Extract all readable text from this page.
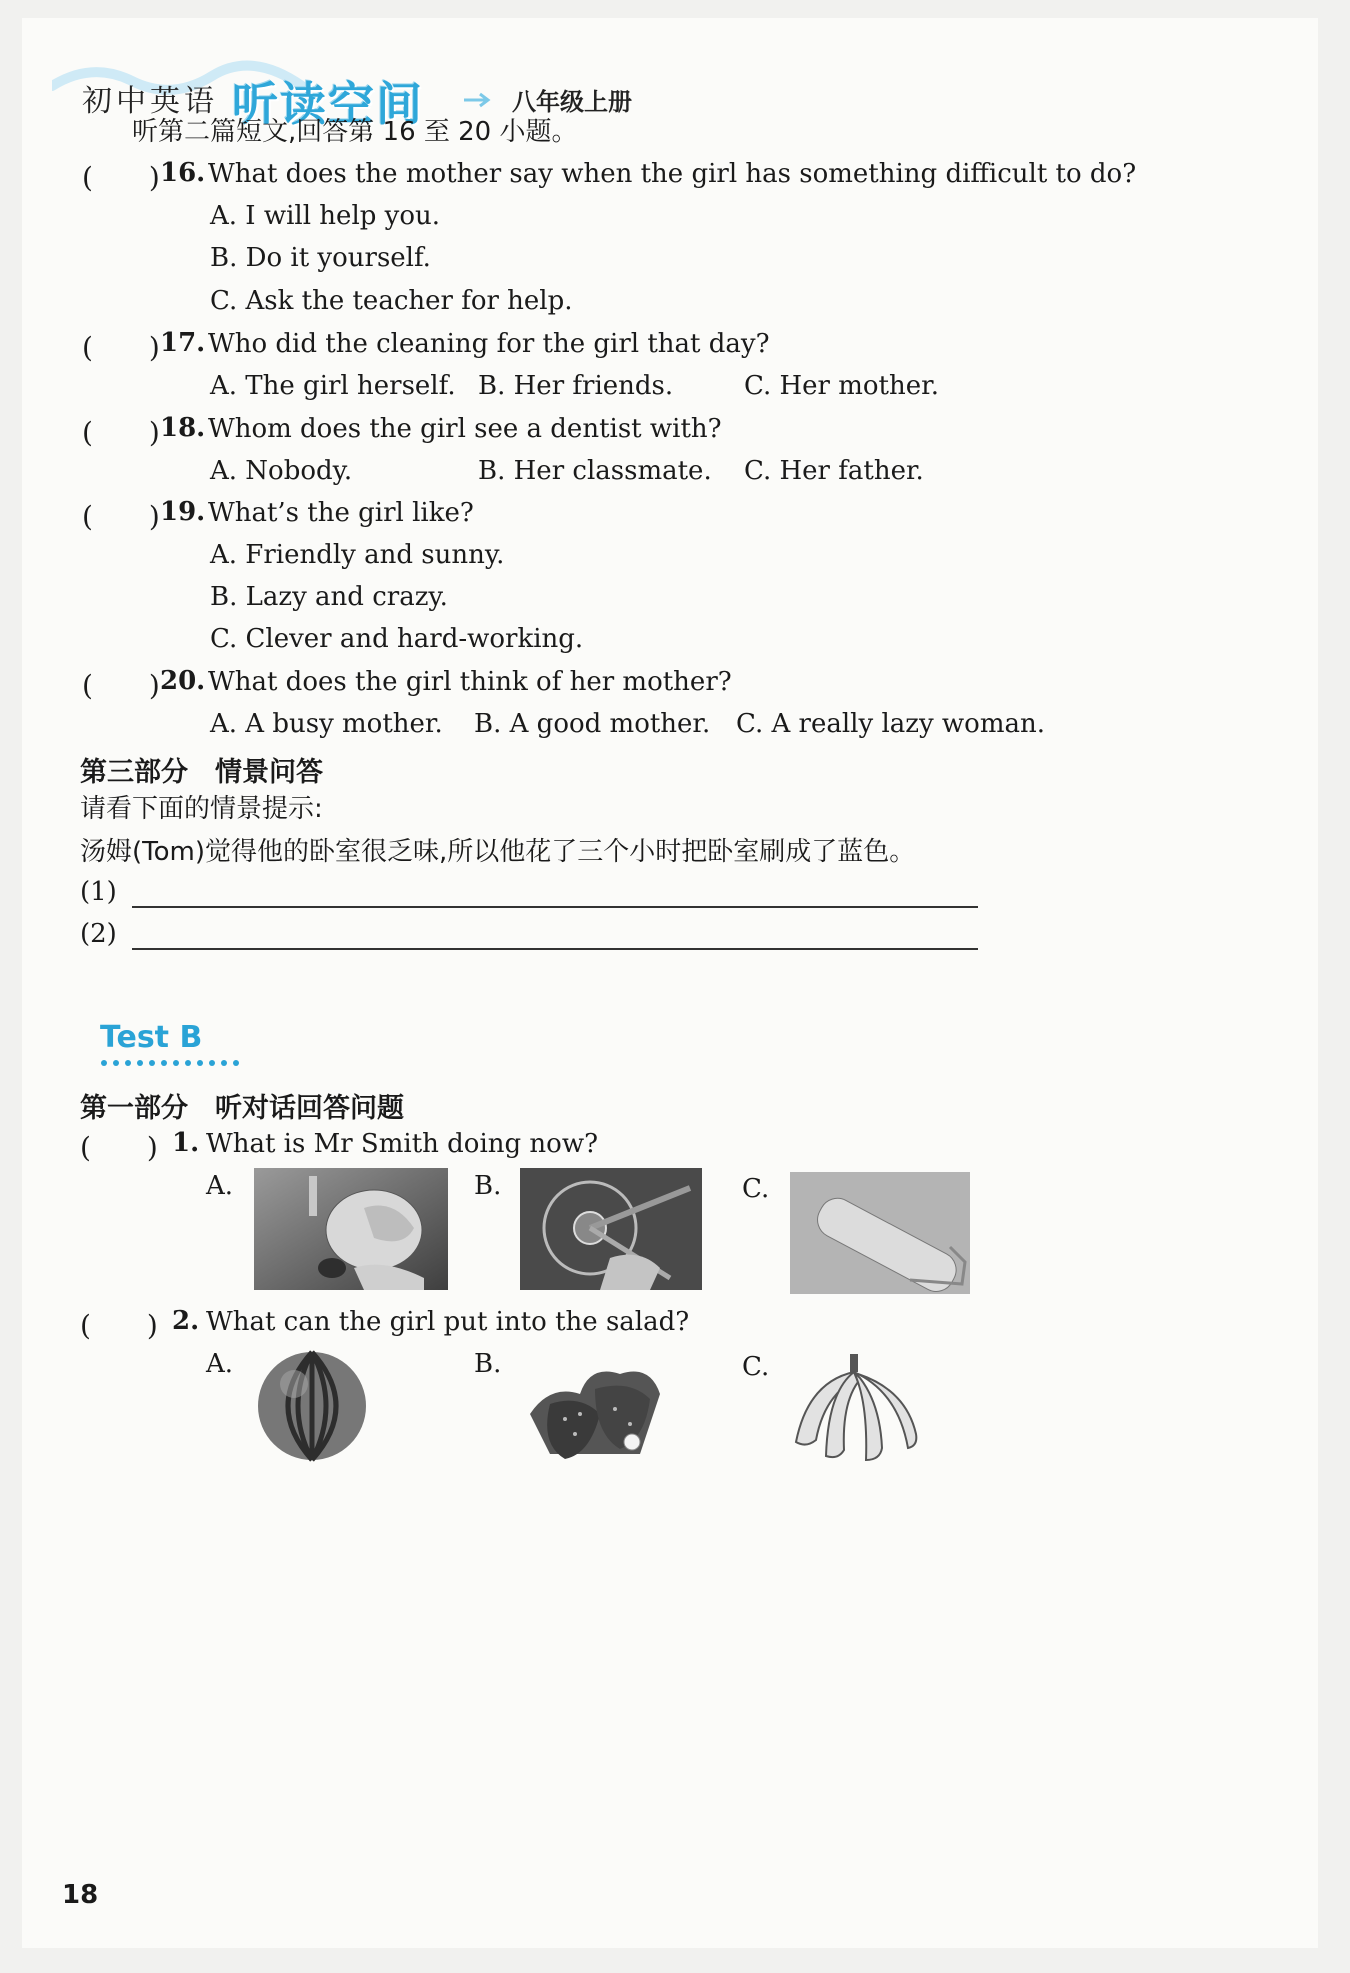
初中英语 听读空间	八年级上册
听第二篇短文,回答第 16 至 20 小题。
(　　) 16. What does the mother say when the girl has something difficult to do?
A. I will help you.
B. Do it yourself.
C. Ask the teacher for help.
(　　) 17. Who did the cleaning for the girl that day?
A. The girl herself. B. Her friends.	C. Her mother.
(　　) 18. Whom does the girl see a dentist with?
A. Nobody.	B. Her classmate. C. Her father.
(　　) 19. What’s the girl like?
A. Friendly and sunny.
B. Lazy and crazy.
C. Clever and hard-working.
(　　) 20. What does the girl think of her mother?
A. A busy mother. B. A good mother. C. A really lazy woman.
第三部分　情景问答
请看下面的情景提示:
汤姆(Tom)觉得他的卧室很乏味,所以他花了三个小时把卧室刷成了蓝色。
(1)
(2)
Test B
第一部分　听对话回答问题
(　　) 1. What is Mr Smith doing now?
A.	B.	C.
(　　) 2. What can the girl put into the salad?
A.	B.	C.
18
